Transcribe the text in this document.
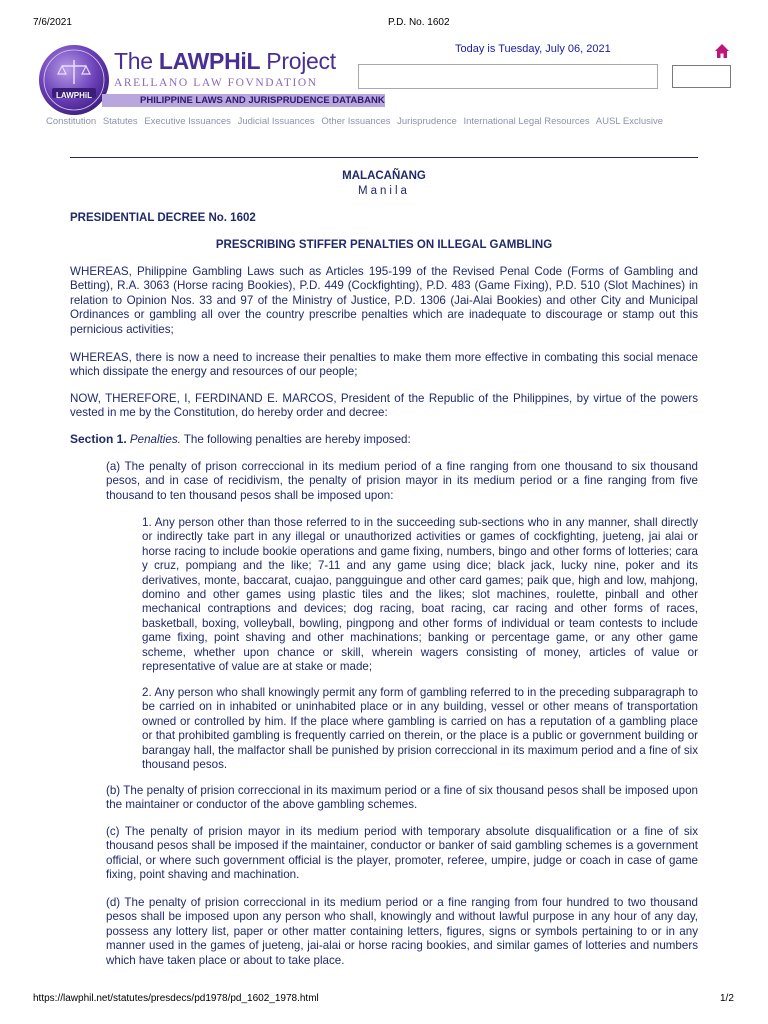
7/6/2021	P.D. No. 1602
LAWPHiL
The LAWPHiL Project
ARELLANO LAW FOVNDATION
PHILIPPINE LAWS AND JURISPRUDENCE DATABANK
Today is Tuesday, July 06, 2021
Constitution Statutes Executive Issuances Judicial Issuances Other Issuances Jurisprudence International Legal Resources AUSL Exclusive
MALACAÑANG
Manila
PRESIDENTIAL DECREE No. 1602
PRESCRIBING STIFFER PENALTIES ON ILLEGAL GAMBLING

WHEREAS, Philippine Gambling Laws such as Articles 195-199 of the Revised Penal Code (Forms of Gambling and Betting), R.A. 3063 (Horse racing Bookies), P.D. 449 (Cockfighting), P.D. 483 (Game Fixing), P.D. 510 (Slot Machines) in relation to Opinion Nos. 33 and 97 of the Ministry of Justice, P.D. 1306 (Jai-Alai Bookies) and other City and Municipal Ordinances or gambling all over the country prescribe penalties which are inadequate to discourage or stamp out this pernicious activities;

WHEREAS, there is now a need to increase their penalties to make them more effective in combating this social menace which dissipate the energy and resources of our people;

NOW, THEREFORE, I, FERDINAND E. MARCOS, President of the Republic of the Philippines, by virtue of the powers vested in me by the Constitution, do hereby order and decree:

Section 1. Penalties. The following penalties are hereby imposed:

(a) The penalty of prison correccional in its medium period of a fine ranging from one thousand to six thousand pesos, and in case of recidivism, the penalty of prision mayor in its medium period or a fine ranging from five thousand to ten thousand pesos shall be imposed upon:

1. Any person other than those referred to in the succeeding sub-sections who in any manner, shall directly or indirectly take part in any illegal or unauthorized activities or games of cockfighting, jueteng, jai alai or horse racing to include bookie operations and game fixing, numbers, bingo and other forms of lotteries; cara y cruz, pompiang and the like; 7-11 and any game using dice; black jack, lucky nine, poker and its derivatives, monte, baccarat, cuajao, pangguingue and other card games; paik que, high and low, mahjong, domino and other games using plastic tiles and the likes; slot machines, roulette, pinball and other mechanical contraptions and devices; dog racing, boat racing, car racing and other forms of races, basketball, boxing, volleyball, bowling, pingpong and other forms of individual or team contests to include game fixing, point shaving and other machinations; banking or percentage game, or any other game scheme, whether upon chance or skill, wherein wagers consisting of money, articles of value or representative of value are at stake or made;

2. Any person who shall knowingly permit any form of gambling referred to in the preceding subparagraph to be carried on in inhabited or uninhabited place or in any building, vessel or other means of transportation owned or controlled by him. If the place where gambling is carried on has a reputation of a gambling place or that prohibited gambling is frequently carried on therein, or the place is a public or government building or barangay hall, the malfactor shall be punished by prision correccional in its maximum period and a fine of six thousand pesos.

(b) The penalty of prision correccional in its maximum period or a fine of six thousand pesos shall be imposed upon the maintainer or conductor of the above gambling schemes.

(c) The penalty of prision mayor in its medium period with temporary absolute disqualification or a fine of six thousand pesos shall be imposed if the maintainer, conductor or banker of said gambling schemes is a government official, or where such government official is the player, promoter, referee, umpire, judge or coach in case of game fixing, point shaving and machination.

(d) The penalty of prision correccional in its medium period or a fine ranging from four hundred to two thousand pesos shall be imposed upon any person who shall, knowingly and without lawful purpose in any hour of any day, possess any lottery list, paper or other matter containing letters, figures, signs or symbols pertaining to or in any manner used in the games of jueteng, jai-alai or horse racing bookies, and similar games of lotteries and numbers which have taken place or about to take place.

https://lawphil.net/statutes/presdecs/pd1978/pd_1602_1978.html	1/2
